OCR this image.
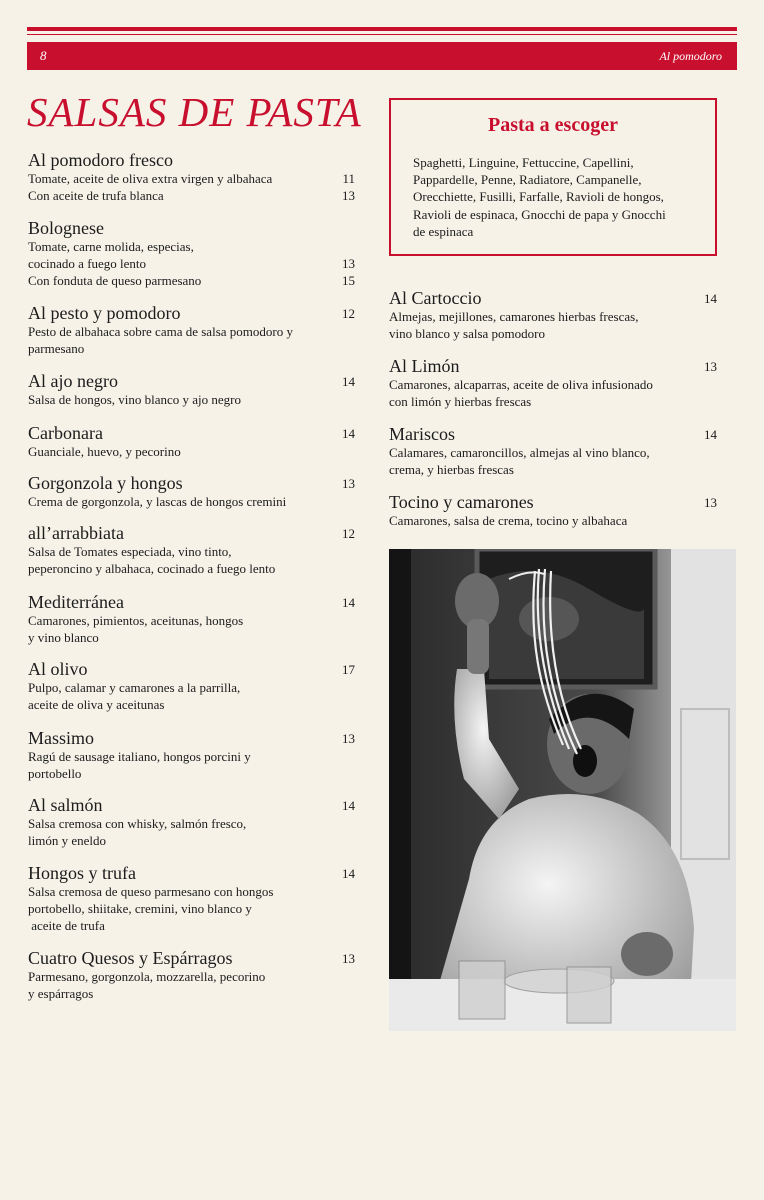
8	Al pomodoro
SALSAS DE PASTA
Al pomodoro fresco
Tomate, aceite de oliva extra virgen y albahaca	11
Con aceite de trufa blanca	13
Bolognese
Tomate, carne molida, especias,
cocinado a fuego lento	13
Con fonduta de queso parmesano	15
Al pesto y pomodoro	12
Pesto de albahaca sobre cama de salsa pomodoro y
parmesano
Al ajo negro	14
Salsa de hongos, vino blanco y ajo negro
Carbonara	14
Guanciale, huevo, y pecorino
Gorgonzola y hongos	13
Crema de gorgonzola, y lascas de hongos cremini
all’arrabbiata	12
Salsa de Tomates especiada, vino tinto,
peperoncino y albahaca, cocinado a fuego lento
Mediterránea	14
Camarones, pimientos, aceitunas, hongos
y vino blanco
Al olivo	17
Pulpo, calamar y camarones a la parrilla,
aceite de oliva y aceitunas
Massimo	13
Ragú de sausage italiano, hongos porcini y
portobello
Al salmón	14
Salsa cremosa con whisky, salmón fresco,
limón y eneldo
Hongos y trufa	14
Salsa cremosa de queso parmesano con hongos
portobello, shiitake, cremini, vino blanco y
aceite de trufa
Cuatro Quesos y Espárragos	13
Parmesano, gorgonzola, mozzarella, pecorino
y espárragos
Pasta a escoger
Spaghetti, Linguine, Fettuccine, Capellini,
Pappardelle, Penne, Radiatore, Campanelle,
Orecchiette, Fusilli, Farfalle, Ravioli de hongos,
Ravioli de espinaca, Gnocchi de papa y Gnocchi
de espinaca
Al Cartoccio	14
Almejas, mejillones, camarones hierbas frescas,
vino blanco y salsa pomodoro
Al Limón	13
Camarones, alcaparras, aceite de oliva infusionado
con limón y hierbas frescas
Mariscos	14
Calamares, camaroncillos, almejas al vino blanco,
crema, y hierbas frescas
Tocino y camarones	13
Camarones, salsa de crema, tocino y albahaca
